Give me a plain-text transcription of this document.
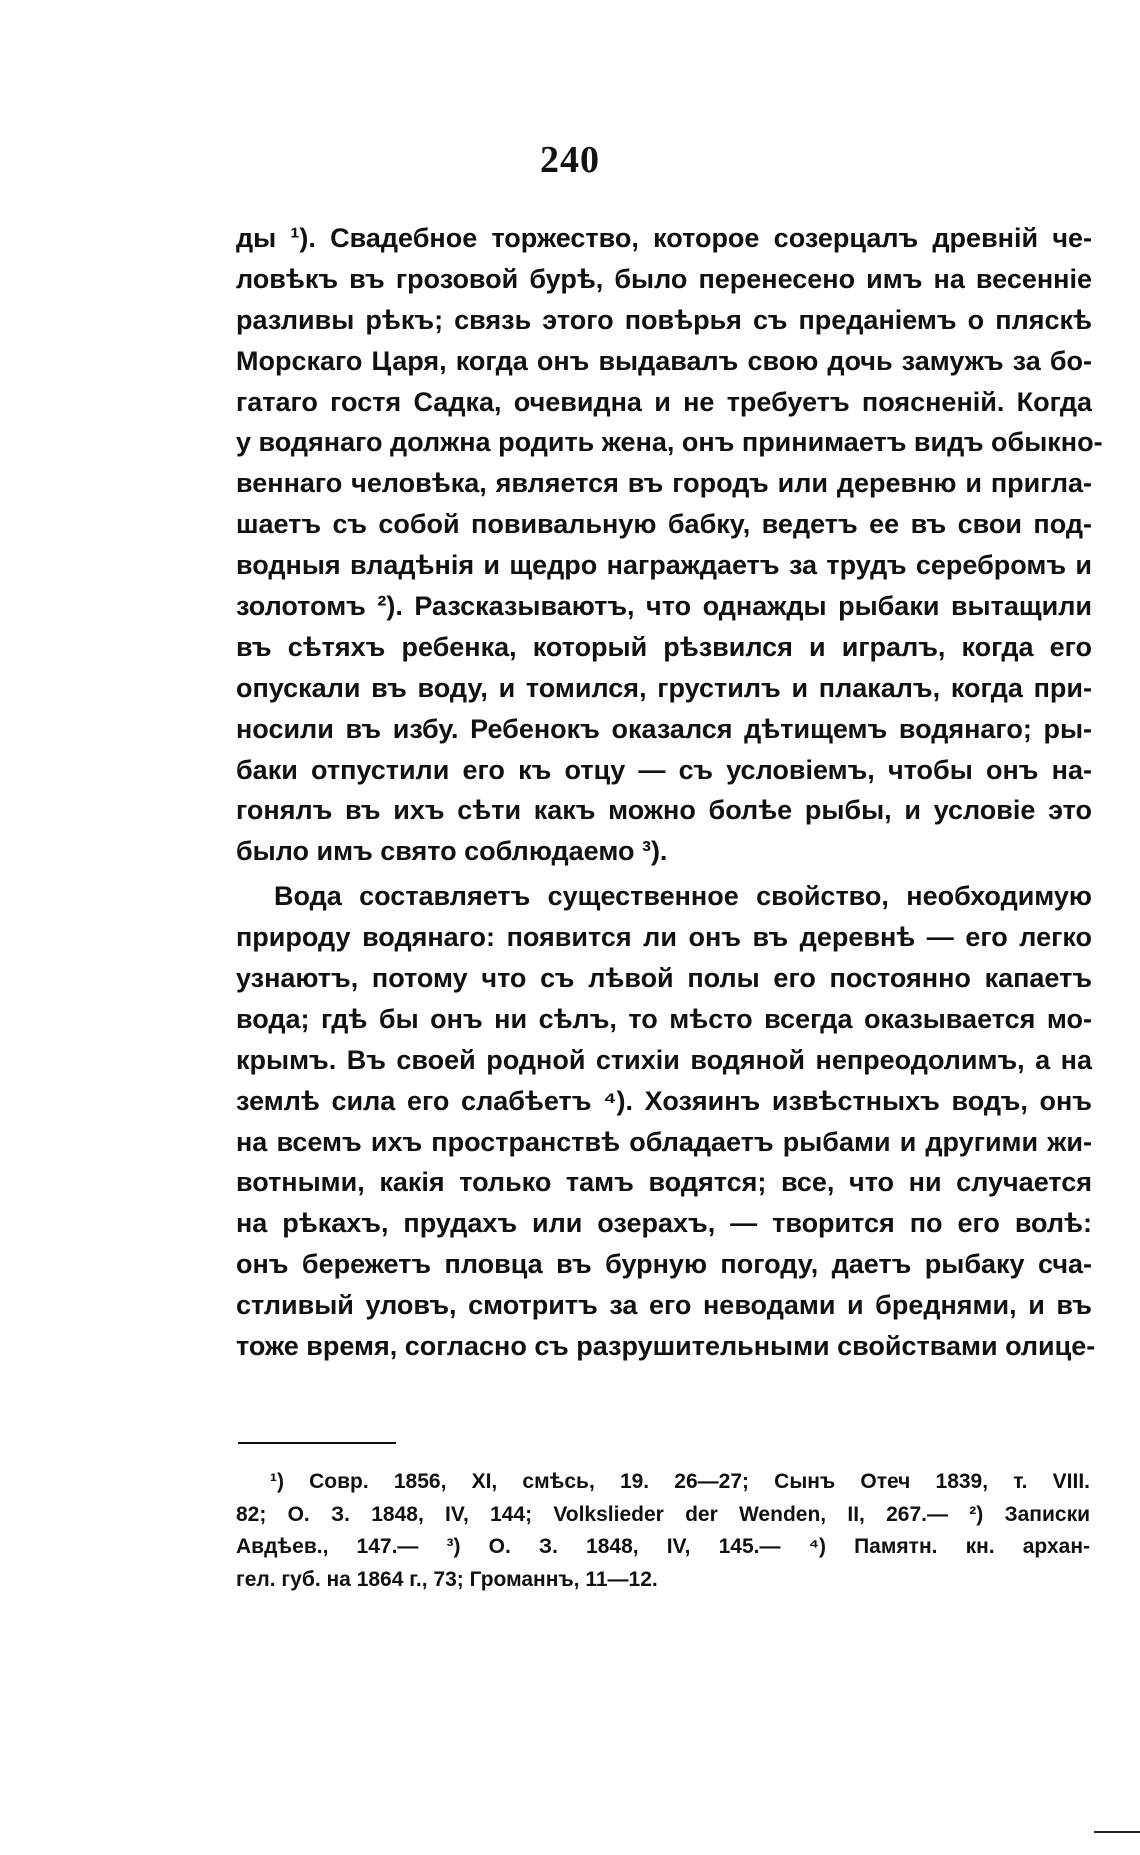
240
ды ¹). Свадебное торжество, которое созерцалъ древній че-
ловѣкъ въ грозовой бурѣ, было перенесено имъ на весенніе
разливы рѣкъ; связь этого повѣрья съ преданіемъ о пляскѣ
Морскаго Царя, когда онъ выдавалъ свою дочь замужъ за бо-
гатаго гостя Садка, очевидна и не требуетъ поясненій. Когда
у водянаго должна родить жена, онъ принимаетъ видъ обыкно-
веннаго человѣка, является въ городъ или деревню и пригла-
шаетъ съ собой повивальную бабку, ведетъ ее въ свои под-
водныя владѣнія и щедро награждаетъ за трудъ серебромъ и
золотомъ ²). Разсказываютъ, что однажды рыбаки вытащили
въ сѣтяхъ ребенка, который рѣзвился и игралъ, когда его
опускали въ воду, и томился, грустилъ и плакалъ, когда при-
носили въ избу. Ребенокъ оказался дѣтищемъ водянаго; ры-
баки отпустили его къ отцу — съ условіемъ, чтобы онъ на-
гонялъ въ ихъ сѣти какъ можно болѣе рыбы, и условіе это
было имъ свято соблюдаемо ³).
Вода составляетъ существенное свойство, необходимую
природу водянаго: появится ли онъ въ деревнѣ — его легко
узнаютъ, потому что съ лѣвой полы его постоянно капаетъ
вода; гдѣ бы онъ ни сѣлъ, то мѣсто всегда оказывается мо-
крымъ. Въ своей родной стихіи водяной непреодолимъ, а на
землѣ сила его слабѣетъ ⁴). Хозяинъ извѣстныхъ водъ, онъ
на всемъ ихъ пространствѣ обладаетъ рыбами и другими жи-
вотными, какія только тамъ водятся; все, что ни случается
на рѣкахъ, прудахъ или озерахъ, — творится по его волѣ:
онъ бережетъ пловца въ бурную погоду, даетъ рыбаку сча-
стливый уловъ, смотритъ за его неводами и бреднями, и въ
тоже время, согласно съ разрушительными свойствами олице-
¹) Совр. 1856, XI, смѣсь, 19. 26—27; Сынъ Отеч 1839, т. VIII.
82; О. З. 1848, IV, 144; Volkslieder der Wenden, II, 267.— ²) Записки
Авдѣев., 147.— ³) О. З. 1848, IV, 145.— ⁴) Памятн. кн. архан-
гел. губ. на 1864 г., 73; Громаннъ, 11—12.
